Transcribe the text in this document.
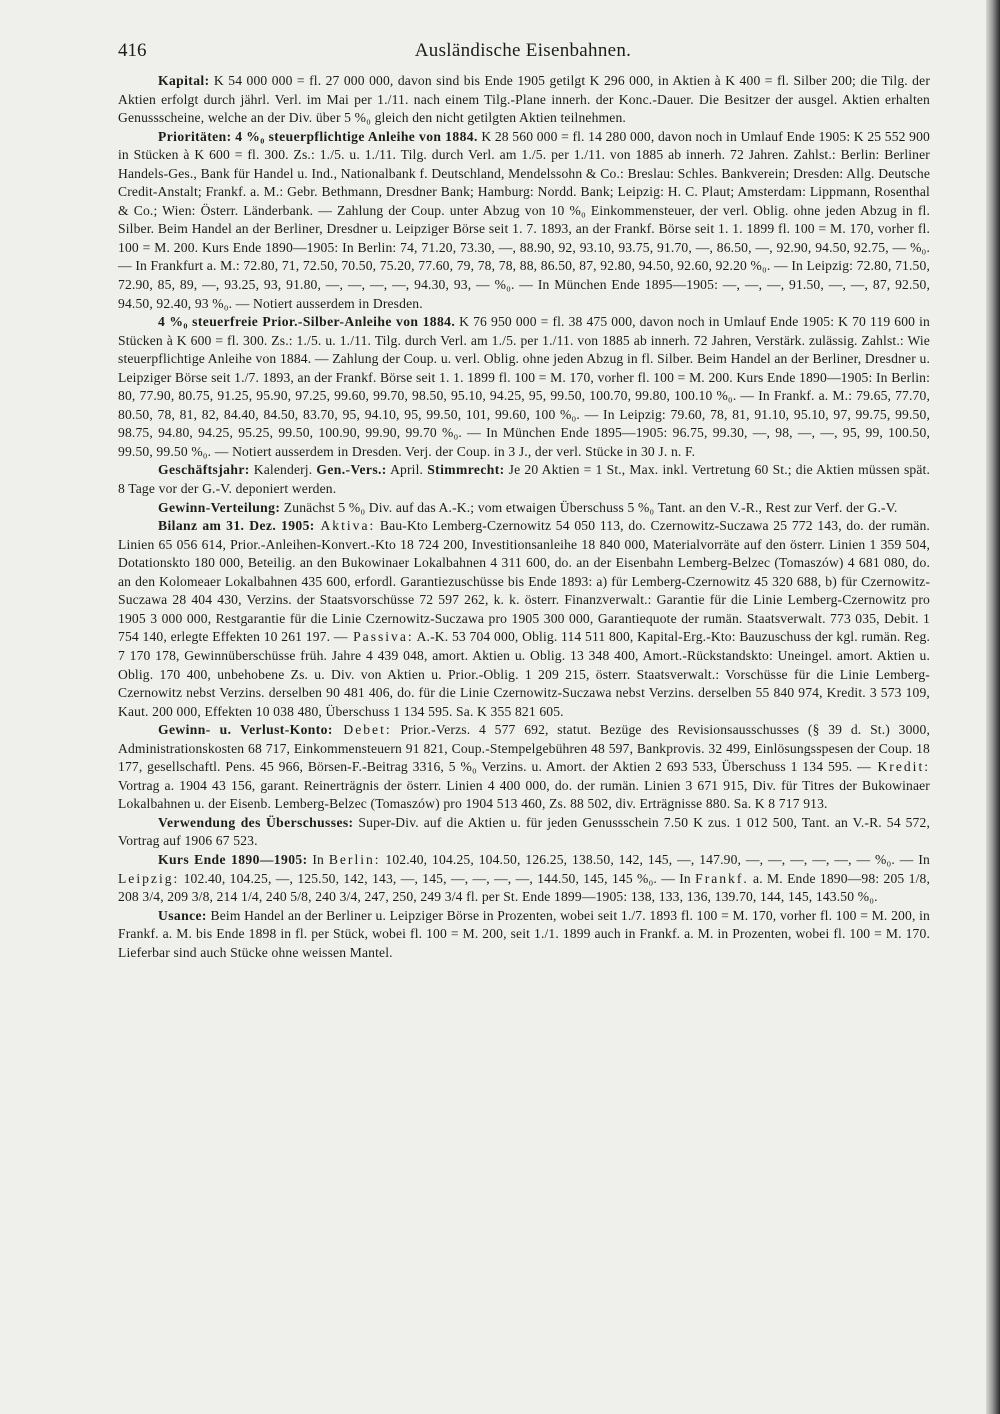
416	Ausländische Eisenbahnen.

Kapital: K 54 000 000 = fl. 27 000 000, davon sind bis Ende 1905 getilgt K 296 000, in Aktien à K 400 = fl. Silber 200; die Tilg. der Aktien erfolgt durch jährl. Verl. im Mai per 1./11. nach einem Tilg.-Plane innerh. der Konc.-Dauer. Die Besitzer der ausgel. Aktien erhalten Genussscheine, welche an der Div. über 5 %₀ gleich den nicht getilgten Aktien teilnehmen.

Prioritäten: 4 %₀ steuerpflichtige Anleihe von 1884. K 28 560 000 = fl. 14 280 000, davon noch in Umlauf Ende 1905: K 25 552 900 in Stücken à K 600 = fl. 300. Zs.: 1./5. u. 1./11. Tilg. durch Verl. am 1./5. per 1./11. von 1885 ab innerh. 72 Jahren. Zahlst.: Berlin: Berliner Handels-Ges., Bank für Handel u. Ind., Nationalbank f. Deutschland, Mendelssohn & Co.: Breslau: Schles. Bankverein; Dresden: Allg. Deutsche Credit-Anstalt; Frankf. a. M.: Gebr. Bethmann, Dresdner Bank; Hamburg: Nordd. Bank; Leipzig: H. C. Plaut; Amsterdam: Lippmann, Rosenthal & Co.; Wien: Österr. Länderbank. — Zahlung der Coup. unter Abzug von 10 %₀ Einkommensteuer, der verl. Oblig. ohne jeden Abzug in fl. Silber. Beim Handel an der Berliner, Dresdner u. Leipziger Börse seit 1. 7. 1893, an der Frankf. Börse seit 1. 1. 1899 fl. 100 = M. 170, vorher fl. 100 = M. 200. Kurs Ende 1890—1905: In Berlin: 74, 71.20, 73.30, —, 88.90, 92, 93.10, 93.75, 91.70, —, 86.50, —, 92.90, 94.50, 92.75, — %₀. — In Frankfurt a. M.: 72.80, 71, 72.50, 70.50, 75.20, 77.60, 79, 78, 78, 88, 86.50, 87, 92.80, 94.50, 92.60, 92.20 %₀. — In Leipzig: 72.80, 71.50, 72.90, 85, 89, —, 93.25, 93, 91.80, —, —, —, —, 94.30, 93, — %₀. — In München Ende 1895—1905: —, —, —, 91.50, —, —, 87, 92.50, 94.50, 92.40, 93 %₀. — Notiert ausserdem in Dresden.

4 %₀ steuerfreie Prior.-Silber-Anleihe von 1884. K 76 950 000 = fl. 38 475 000, davon noch in Umlauf Ende 1905: K 70 119 600 in Stücken à K 600 = fl. 300. Zs.: 1./5. u. 1./11. Tilg. durch Verl. am 1./5. per 1./11. von 1885 ab innerh. 72 Jahren, Verstärk. zulässig. Zahlst.: Wie steuerpflichtige Anleihe von 1884. — Zahlung der Coup. u. verl. Oblig. ohne jeden Abzug in fl. Silber. Beim Handel an der Berliner, Dresdner u. Leipziger Börse seit 1./7. 1893, an der Frankf. Börse seit 1. 1. 1899 fl. 100 = M. 170, vorher fl. 100 = M. 200. Kurs Ende 1890—1905: In Berlin: 80, 77.90, 80.75, 91.25, 95.90, 97.25, 99.60, 99.70, 98.50, 95.10, 94.25, 95, 99.50, 100.70, 99.80, 100.10 %₀. — In Frankf. a. M.: 79.65, 77.70, 80.50, 78, 81, 82, 84.40, 84.50, 83.70, 95, 94.10, 95, 99.50, 101, 99.60, 100 %₀. — In Leipzig: 79.60, 78, 81, 91.10, 95.10, 97, 99.75, 99.50, 98.75, 94.80, 94.25, 95.25, 99.50, 100.90, 99.90, 99.70 %₀. — In München Ende 1895—1905: 96.75, 99.30, —, 98, —, —, 95, 99, 100.50, 99.50, 99.50 %₀. — Notiert ausserdem in Dresden. Verj. der Coup. in 3 J., der verl. Stücke in 30 J. n. F.

Geschäftsjahr: Kalenderj. Gen.-Vers.: April. Stimmrecht: Je 20 Aktien = 1 St., Max. inkl. Vertretung 60 St.; die Aktien müssen spät. 8 Tage vor der G.-V. deponiert werden.

Gewinn-Verteilung: Zunächst 5 %₀ Div. auf das A.-K.; vom etwaigen Überschuss 5 %₀ Tant. an den V.-R., Rest zur Verf. der G.-V.

Bilanz am 31. Dez. 1905: Aktiva: Bau-Kto Lemberg-Czernowitz 54 050 113, do. Czernowitz-Suczawa 25 772 143, do. der rumän. Linien 65 056 614, Prior.-Anleihen-Konvert.-Kto 18 724 200, Investitionsanleihe 18 840 000, Materialvorräte auf den österr. Linien 1 359 504, Dotationskto 180 000, Beteilig. an den Bukowinaer Lokalbahnen 4 311 600, do. an der Eisenbahn Lemberg-Belzec (Tomaszów) 4 681 080, do. an den Kolomeaer Lokalbahnen 435 600, erfordl. Garantiezuschüsse bis Ende 1893: a) für Lemberg-Czernowitz 45 320 688, b) für Czernowitz-Suczawa 28 404 430, Verzins. der Staatsvorschüsse 72 597 262, k. k. österr. Finanzverwalt.: Garantie für die Linie Lemberg-Czernowitz pro 1905 3 000 000, Restgarantie für die Linie Czernowitz-Suczawa pro 1905 300 000, Garantiequote der rumän. Staatsverwalt. 773 035, Debit. 1 754 140, erlegte Effekten 10 261 197. — Passiva: A.-K. 53 704 000, Oblig. 114 511 800, Kapital-Erg.-Kto: Bauzuschuss der kgl. rumän. Reg. 7 170 178, Gewinnüberschüsse früh. Jahre 4 439 048, amort. Aktien u. Oblig. 13 348 400, Amort.-Rückstandskto: Uneingel. amort. Aktien u. Oblig. 170 400, unbehobene Zs. u. Div. von Aktien u. Prior.-Oblig. 1 209 215, österr. Staatsverwalt.: Vorschüsse für die Linie Lemberg-Czernowitz nebst Verzins. derselben 90 481 406, do. für die Linie Czernowitz-Suczawa nebst Verzins. derselben 55 840 974, Kredit. 3 573 109, Kaut. 200 000, Effekten 10 038 480, Überschuss 1 134 595. Sa. K 355 821 605.

Gewinn- u. Verlust-Konto: Debet: Prior.-Verzs. 4 577 692, statut. Bezüge des Revisionsausschusses (§ 39 d. St.) 3000, Administrationskosten 68 717, Einkommensteuern 91 821, Coup.-Stempelgebühren 48 597, Bankprovis. 32 499, Einlösungsspesen der Coup. 18 177, gesellschaftl. Pens. 45 966, Börsen-F.-Beitrag 3316, 5 %₀ Verzins. u. Amort. der Aktien 2 693 533, Überschuss 1 134 595. — Kredit: Vortrag a. 1904 43 156, garant. Reinerträgnis der österr. Linien 4 400 000, do. der rumän. Linien 3 671 915, Div. für Titres der Bukowinaer Lokalbahnen u. der Eisenb. Lemberg-Belzec (Tomaszów) pro 1904 513 460, Zs. 88 502, div. Erträgnisse 880. Sa. K 8 717 913.

Verwendung des Überschusses: Super-Div. auf die Aktien u. für jeden Genussschein 7.50 K zus. 1 012 500, Tant. an V.-R. 54 572, Vortrag auf 1906 67 523.

Kurs Ende 1890—1905: In Berlin: 102.40, 104.25, 104.50, 126.25, 138.50, 142, 145, —, 147.90, —, —, —, —, —, — %₀. — In Leipzig: 102.40, 104.25, —, 125.50, 142, 143, —, 145, —, —, —, —, 144.50, 145, 145 %₀. — In Frankf. a. M. Ende 1890—98: 205 1/8, 208 3/4, 209 3/8, 214 1/4, 240 5/8, 240 3/4, 247, 250, 249 3/4 fl. per St. Ende 1899—1905: 138, 133, 136, 139.70, 144, 145, 143.50 %₀.

Usance: Beim Handel an der Berliner u. Leipziger Börse in Prozenten, wobei seit 1./7. 1893 fl. 100 = M. 170, vorher fl. 100 = M. 200, in Frankf. a. M. bis Ende 1898 in fl. per Stück, wobei fl. 100 = M. 200, seit 1./1. 1899 auch in Frankf. a. M. in Prozenten, wobei fl. 100 = M. 170. Lieferbar sind auch Stücke ohne weissen Mantel.
